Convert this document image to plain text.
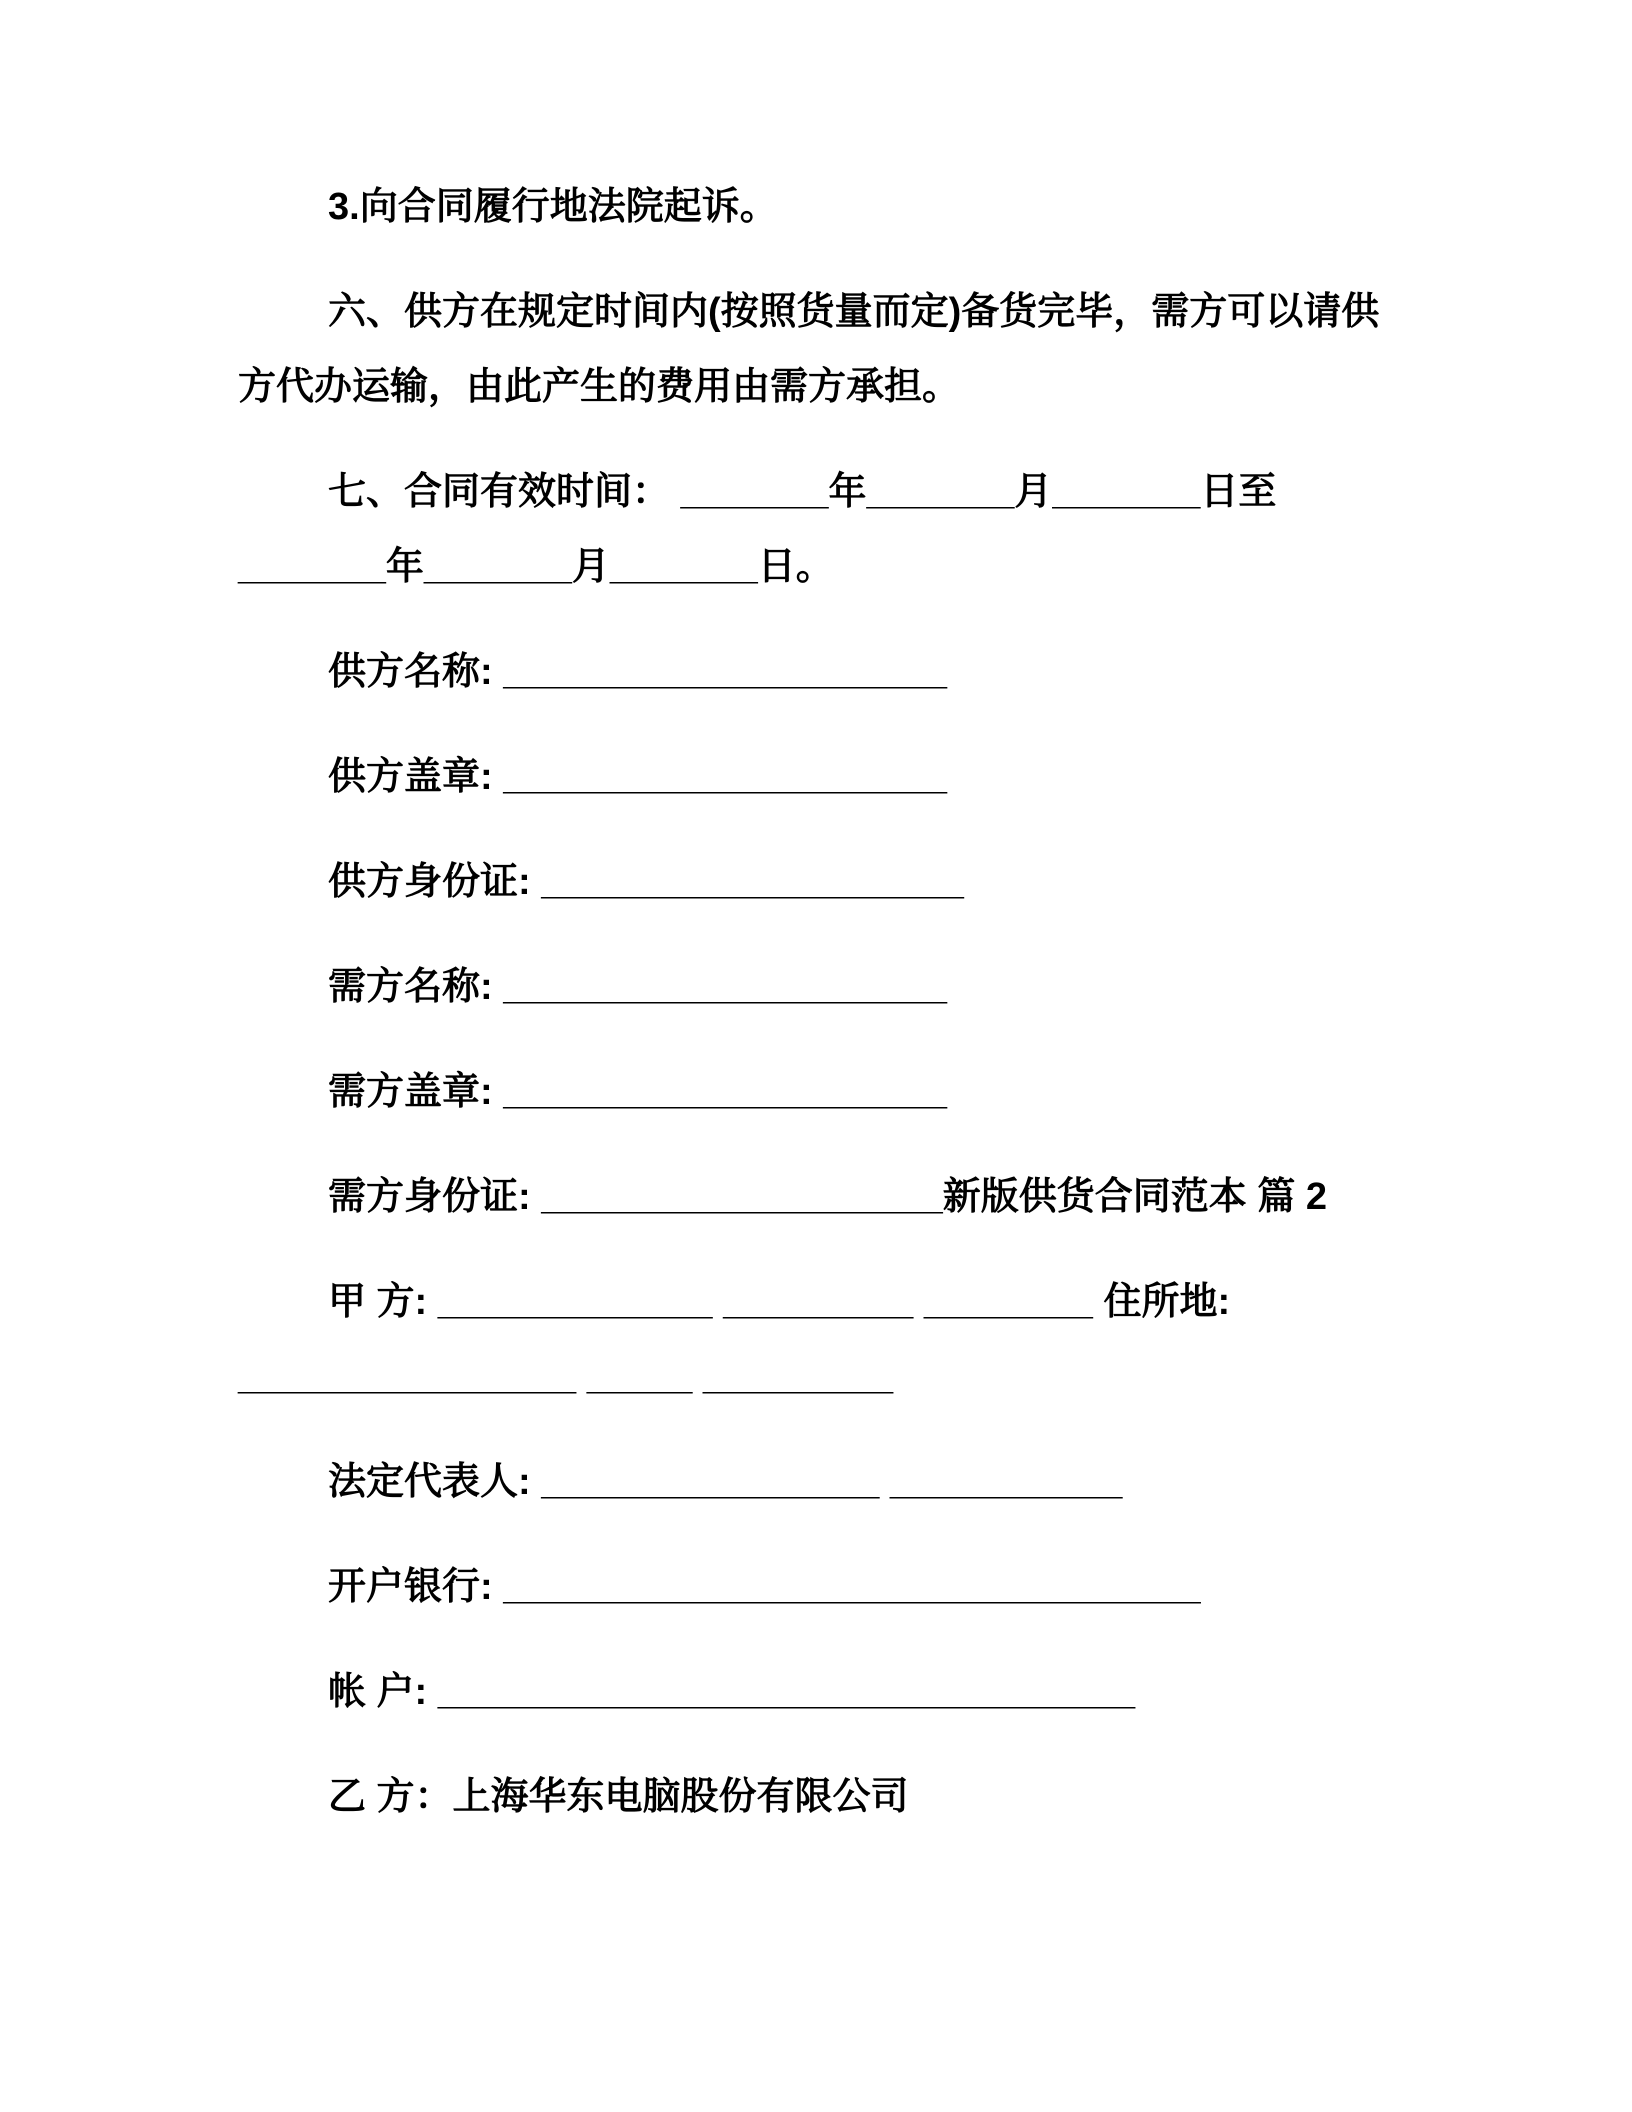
3.向合同履行地法院起诉。
六、供方在规定时间内(按照货量而定)备货完毕，需方可以请供
方代办运输，由此产生的费用由需方承担。
七、合同有效时间： _______年_______月_______日至
_______年_______月_______日。
供方名称: _____________________
供方盖章: _____________________
供方身份证: ____________________
需方名称: _____________________
需方盖章: _____________________
需方身份证: ___________________新版供货合同范本 篇 2
甲 方: _____________ _________ ________ 住所地:
________________ _____ _________
法定代表人: ________________ ___________
开户银行: _________________________________
帐 户: _________________________________
乙 方：上海华东电脑股份有限公司
